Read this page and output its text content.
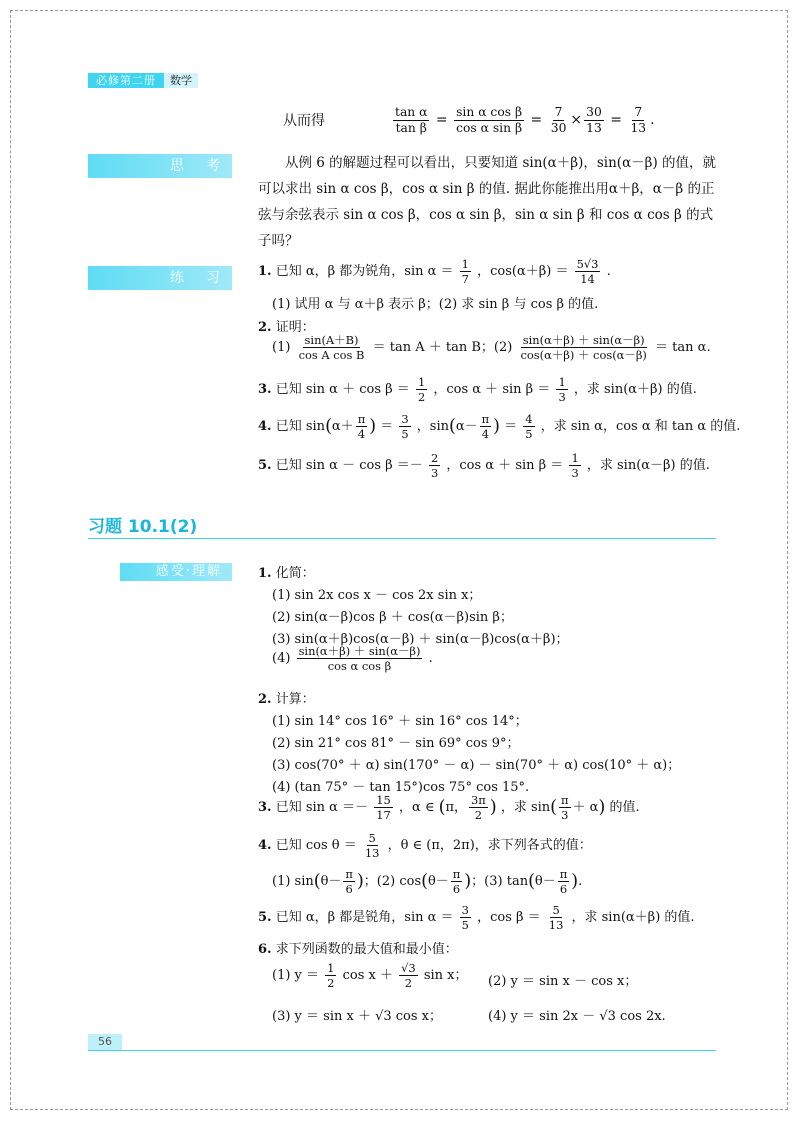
必修第二册	数学
从而得	$\frac{\text{tan α}}{\text{tan β}} = \frac{\text{sin α cos β}}{\text{cos α sin β}} = \frac{7}{30} \times \frac{30}{13} = \frac{7}{13}$ .
思考	从例 6 的解题过程可以看出，只要知道 sin(α＋β)，sin(α－β) 的值，就可以求出 sin α cos β，cos α sin β 的值. 据此你能推出用α＋β，α－β 的正弦与余弦表示 sin α cos β，cos α sin β，sin α sin β 和 cos α cos β 的式子吗？
练习 1. 已知 α，β 都为锐角，$\sin \alpha = \frac{1}{7}$ ，$\cos(\alpha+\beta) = \frac{5√3}{14}$ .
(1) 试用 α 与 α＋β 表示 β；(2) 求 sin β 与 cos β 的值.
2. 证明：
$(1) \frac{\sin(A+B)}{\text{cos A cos B}} = \tan A + \tan B$；$(2) \frac{\sin(\alpha+\beta) + \sin(\alpha-\beta)}{\cos(\alpha+\beta) + \cos(\alpha-\beta)} = \tan \alpha$.
3. 已知 $\sin \alpha + \cos \beta = \frac{1}{2}$ ，$\cos \alpha + \sin \beta = \frac{1}{3}$ ，求 sin(α＋β) 的值.
4. 已知 $\sin(\alpha+ \frac{\pi}{4}$ ) ＝ $\frac{3}{5}$ ，$\sin(\alpha- \frac{\pi}{4}$ ) ＝ $\frac{4}{5}$ ，求 sin α，cos α 和 tan α 的值.
5. 已知 $\sin \alpha - \cos \beta =- \frac{2}{3}$ ，$\cos \alpha + \sin \beta = \frac{1}{3}$ ，求 sin(α－β) 的值.
习题 10.1(2)
感受·理解	1. 化简：
(1) sin 2x cos x － cos 2x sin x；
(2) sin(α－β)cos β ＋ cos(α－β)sin β；
(3) sin(α＋β)cos(α－β) ＋ sin(α－β)cos(α＋β)；
$(4) \frac{\sin(\alpha+\beta) + \sin(\alpha-\beta)}{\text{cos α cos β}}$ .
2. 计算：
(1) sin 14° cos 16° ＋ sin 16° cos 14°；
(2) sin 21° cos 81° － sin 69° cos 9°；
(3) cos(70° ＋ α) sin(170° － α) － sin(70° ＋ α) cos(10° ＋ α)；
(4) (tan 75° － tan 15°)cos 75° cos 15°.
3. 已知 $\sin \alpha =- \frac{15}{17}$ ，α ∈ (π， $\frac{3\pi}{2}$ ) ，求 $\sin( \frac{\pi}{3} + \alpha)$ 的值.
4. 已知 $\cos \theta = \frac{5}{13}$ ，θ ∈ (π，2π)，求下列各式的值：
(1) $\sin(\theta- \frac{\pi}{6}$ )；(2) $\cos(\theta- \frac{\pi}{6}$ )；(3) $\tan(\theta- \frac{\pi}{6}$ ).
5. 已知 α，β 都是锐角，$\sin \alpha = \frac{3}{5}$ ，$\cos \beta = \frac{5}{13}$ ，求 sin(α＋β) 的值.
6. 求下列函数的最大值和最小值：
(1) $y = \frac{1}{2}$ $\cos x + \frac{√3}{2}$ sin x； (2) y ＝ sin x － cos x；
(3) y ＝ sin x ＋ √3 cos x；	(4) y ＝ sin 2x － √3 cos 2x.
56
